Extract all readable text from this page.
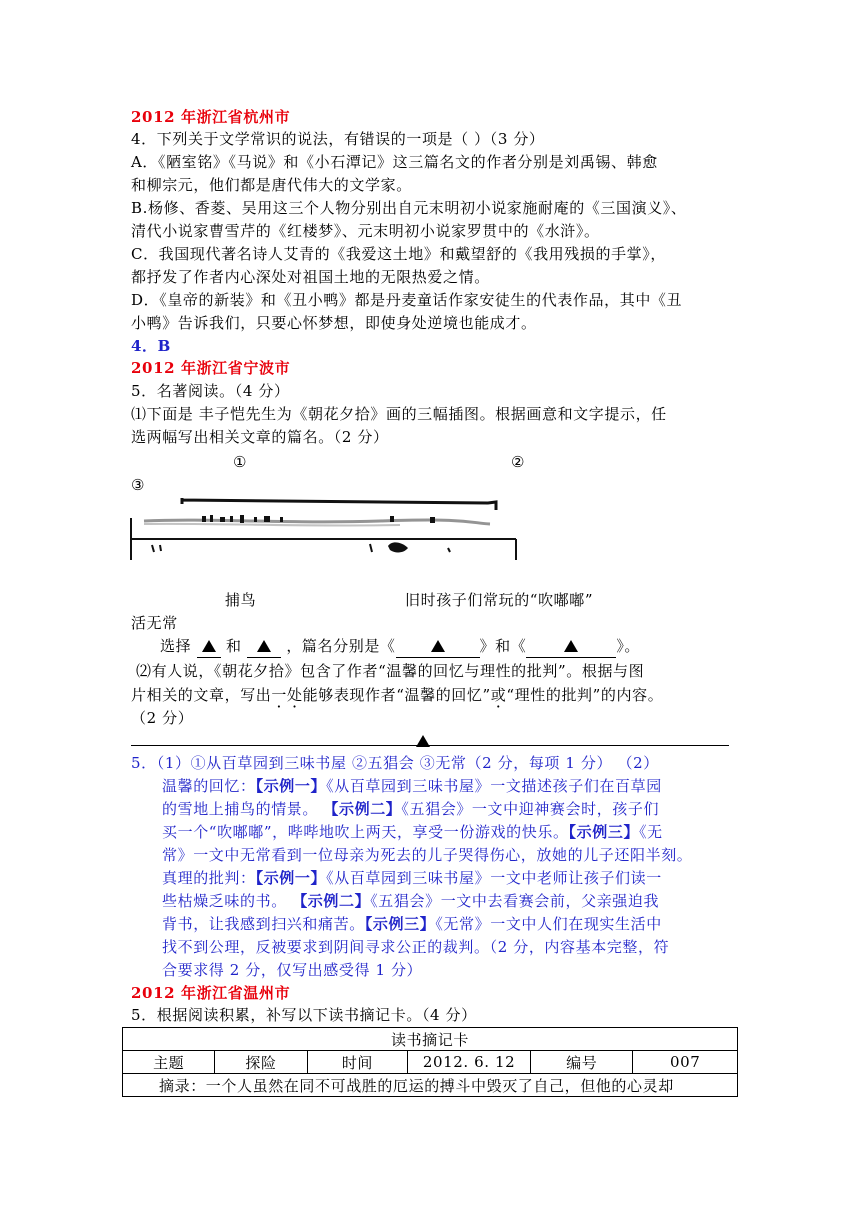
2012 年浙江省杭州市
4．下列关于文学常识的说法，有错误的一项是（ ）（3 分）
A．《陋室铭》《马说》和《小石潭记》这三篇名文的作者分别是刘禹锡、韩愈
和柳宗元，他们都是唐代伟大的文学家。
B.杨修、香菱、吴用这三个人物分别出自元末明初小说家施耐庵的《三国演义》、
清代小说家曹雪芹的《红楼梦》、元末明初小说家罗贯中的《水浒》。
C．我国现代著名诗人艾青的《我爱这土地》和戴望舒的《我用残损的手掌》，
都抒发了作者内心深处对祖国土地的无限热爱之情。
D．《皇帝的新装》和《丑小鸭》都是丹麦童话作家安徒生的代表作品，其中《丑
小鸭》告诉我们，只要心怀梦想，即使身处逆境也能成才。
4．B
2012 年浙江省宁波市
5．名著阅读。（4 分）
⑴下面是 丰子恺先生为《朝花夕拾》画的三幅插图。根据画意和文字提示，任
选两幅写出相关文章的篇名。（2 分）
①	②
③
捕鸟	旧时孩子们常玩的“吹嘟嘟”
活无常
选择 和	，篇名分别是《	》和《	》。
⑵有人说，《朝花夕拾》包含了作者“温馨的回忆与理性的批判”。根据与图
片相关的文章，写出一处能够表现作者“温馨的回忆”或“理性的批判”的内容。
（2 分）
5．（1）①从百草园到三味书屋 ②五猖会 ③无常（2 分，每项 1 分） （2）
温馨的回忆：【示例一】《从百草园到三味书屋》一文描述孩子们在百草园
的雪地上捕鸟的情景。 【示例二】《五猖会》一文中迎神赛会时，孩子们
买一个“吹嘟嘟”，哔哔地吹上两天，享受一份游戏的快乐。【示例三】《无
常》一文中无常看到一位母亲为死去的儿子哭得伤心，放她的儿子还阳半刻。
真理的批判：【示例一】《从百草园到三味书屋》一文中老师让孩子们读一
些枯燥乏味的书。 【示例二】《五猖会》一文中去看赛会前，父亲强迫我
背书，让我感到扫兴和痛苦。【示例三】《无常》一文中人们在现实生活中
找不到公理，反被要求到阴间寻求公正的裁判。（2 分，内容基本完整，符
合要求得 2 分，仅写出感受得 1 分）
2012 年浙江省温州市
5．根据阅读积累，补写以下读书摘记卡。（4 分）
读书摘记卡
主题	探险	时间	2012. 6. 12	编号	007
摘录：一个人虽然在同不可战胜的厄运的搏斗中毁灭了自己，但他的心灵却
